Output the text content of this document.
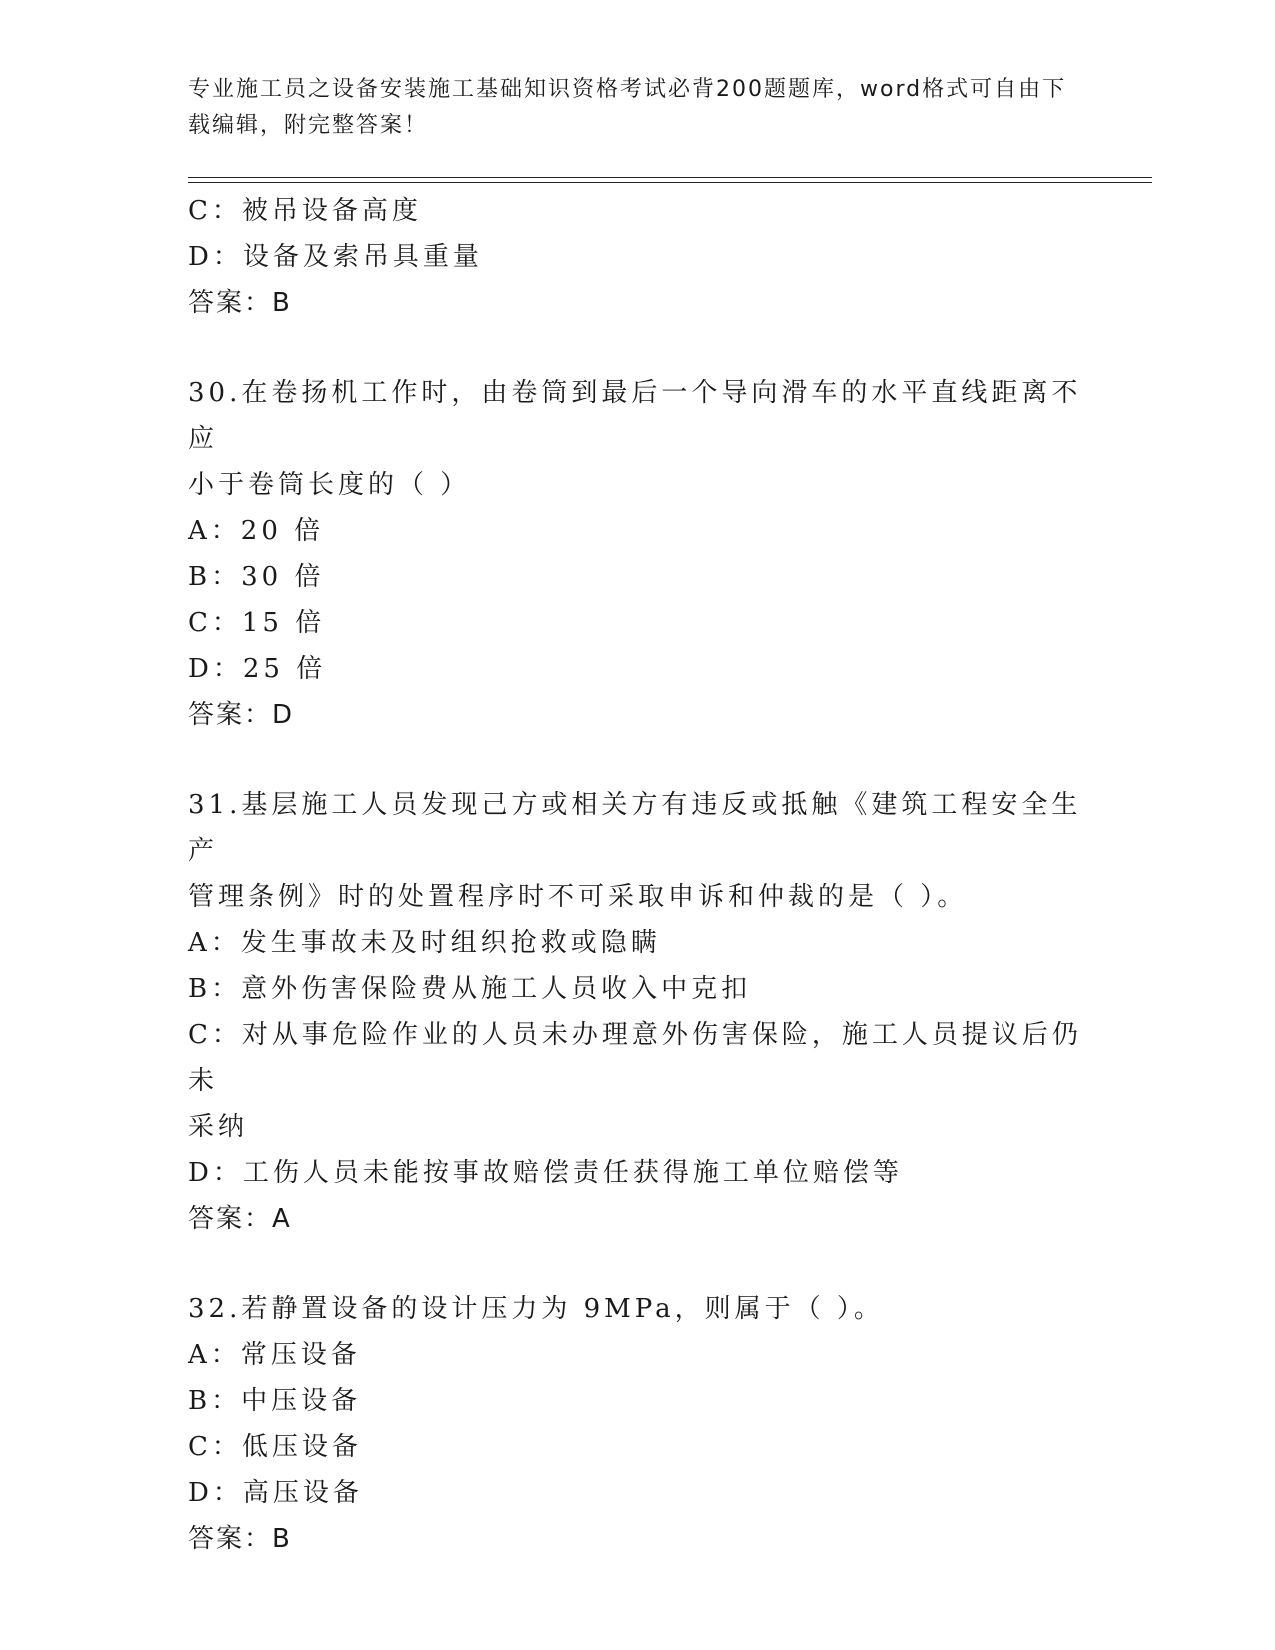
专业施工员之设备安装施工基础知识资格考试必背200题题库，word格式可自由下载编辑，附完整答案！
C：被吊设备高度
D：设备及索吊具重量
答案：B
30.在卷扬机工作时，由卷筒到最后一个导向滑车的水平直线距离不应
小于卷筒长度的（ ）
A：20 倍
B：30 倍
C：15 倍
D：25 倍
答案：D
31.基层施工人员发现己方或相关方有违反或抵触《建筑工程安全生产
管理条例》时的处置程序时不可采取申诉和仲裁的是（ ）。
A：发生事故未及时组织抢救或隐瞒
B：意外伤害保险费从施工人员收入中克扣
C：对从事危险作业的人员未办理意外伤害保险，施工人员提议后仍未
采纳
D：工伤人员未能按事故赔偿责任获得施工单位赔偿等
答案：A
32.若静置设备的设计压力为 9MPa，则属于（ ）。
A：常压设备
B：中压设备
C：低压设备
D：高压设备
答案：B
